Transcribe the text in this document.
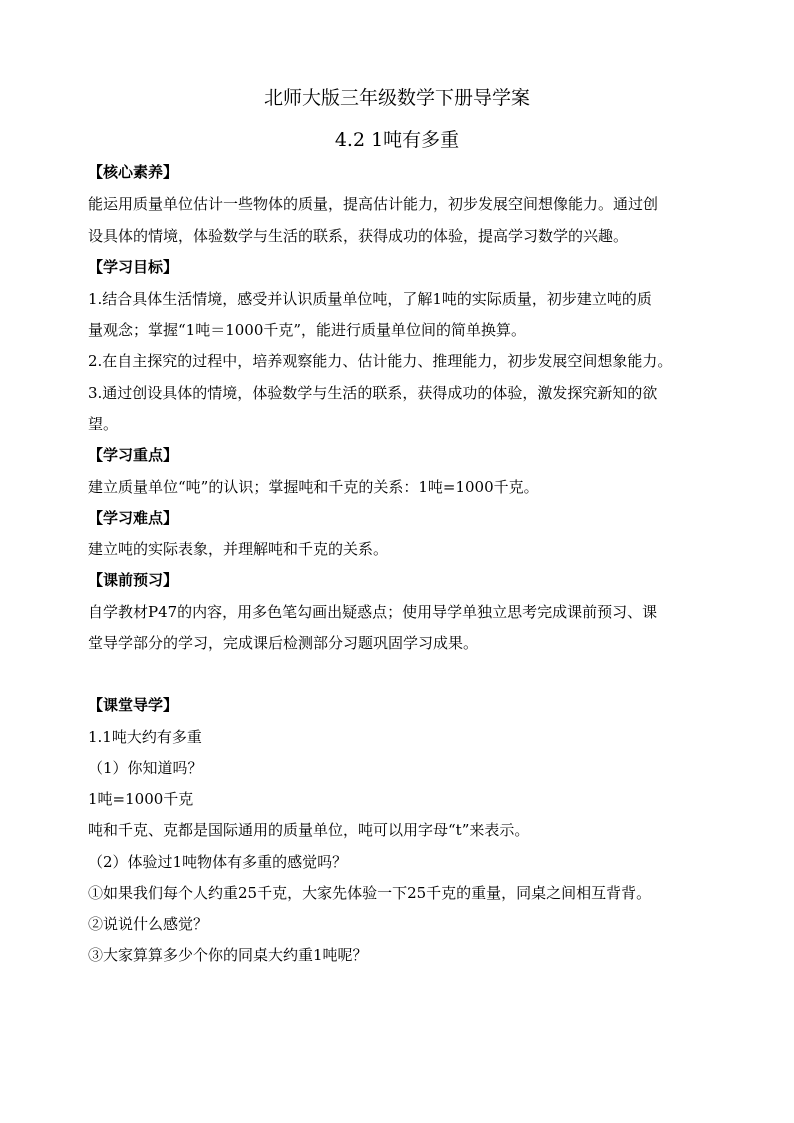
北师大版三年级数学下册导学案
4.2 1吨有多重
【核心素养】
能运用质量单位估计一些物体的质量，提高估计能力，初步发展空间想像能力。通过创
设具体的情境，体验数学与生活的联系，获得成功的体验，提高学习数学的兴趣。
【学习目标】
1.结合具体生活情境，感受并认识质量单位吨，了解1吨的实际质量，初步建立吨的质
量观念；掌握“1吨＝1000千克”，能进行质量单位间的简单换算。
2.在自主探究的过程中，培养观察能力、估计能力、推理能力，初步发展空间想象能力。
3.通过创设具体的情境，体验数学与生活的联系，获得成功的体验，激发探究新知的欲
望。
【学习重点】
建立质量单位“吨”的认识；掌握吨和千克的关系：1吨=1000千克。
【学习难点】
建立吨的实际表象，并理解吨和千克的关系。
【课前预习】
自学教材P47的内容，用多色笔勾画出疑惑点；使用导学单独立思考完成课前预习、课
堂导学部分的学习，完成课后检测部分习题巩固学习成果。
【课堂导学】
1.1吨大约有多重
（1）你知道吗？
1吨=1000千克
吨和千克、克都是国际通用的质量单位，吨可以用字母“t”来表示。
（2）体验过1吨物体有多重的感觉吗？
①如果我们每个人约重25千克，大家先体验一下25千克的重量，同桌之间相互背背。
②说说什么感觉？
③大家算算多少个你的同桌大约重1吨呢？
